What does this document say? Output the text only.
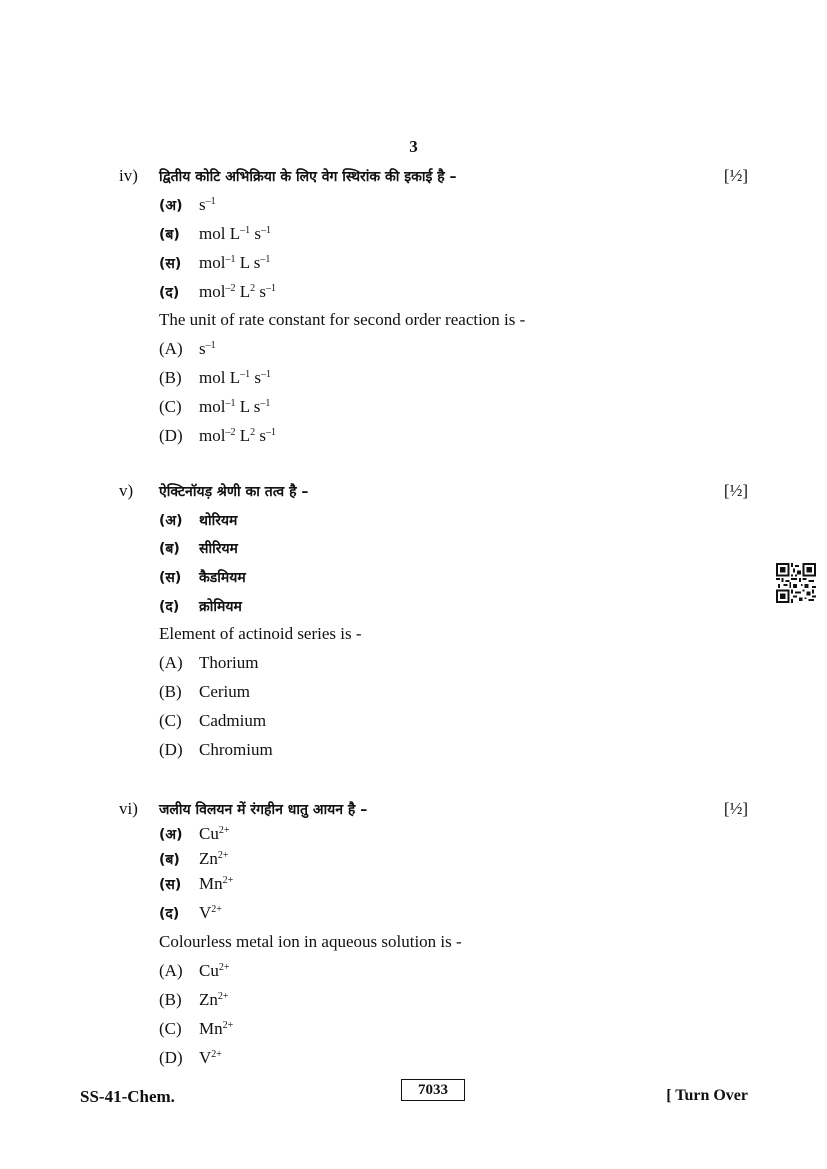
3
iv) द्वितीय कोटि अभिक्रिया के लिए वेग स्थिरांक की इकाई है –	[½]
(अ) $s^{-1}$
(ब) mol $L^{-1}$ $s^{-1}$
(स) mol$^{-1}$ L $s^{-1}$
(द) mol$^{-2}$ $L^2$ $s^{-1}$
The unit of rate constant for second order reaction is -
(A) $s^{-1}$
(B) mol $L^{-1}$ $s^{-1}$
(C) mol$^{-1}$ L $s^{-1}$
(D) mol$^{-2}$ $L^2$ $s^{-1}$
v) ऐक्टिनॉयड़ श्रेणी का तत्व है –	[½]
(अ) थोरियम
(ब) सीरियम
(स) कैडमियम
(द) क्रोमियम
Element of actinoid series is -
(A) Thorium
(B) Cerium
(C) Cadmium
(D) Chromium
vi) जलीय विलयन में रंगहीन धातु आयन है –	[½]
(अ) $Cu^{2+}$
(ब) $Zn^{2+}$
(स) $Mn^{2+}$
(द) $V^{2+}$
Colourless metal ion in aqueous solution is -
(A) $Cu^{2+}$
(B) $Zn^{2+}$
(C) $Mn^{2+}$
(D) $V^{2+}$
SS-41-Chem.	7033	[ Turn Over
